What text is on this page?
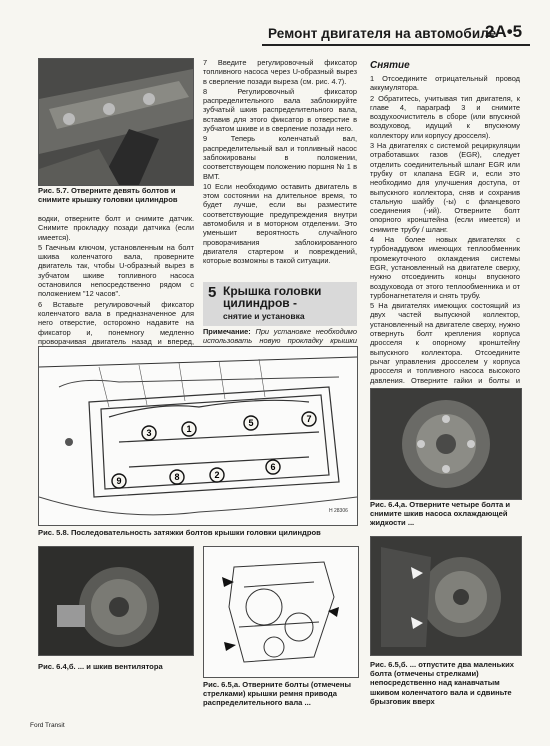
Ремонт двигателя на автомобиле
2A•5
Рис. 5.7. Отверните девять болтов и снимите крышку головки цилиндров

водки, отверните болт и снимите датчик. Снимите прокладку позади датчика (если имеется).

5 Гаечным ключом, установленным на болт шкива коленчатого вала, проверните двигатель так, чтобы U-образный вырез в зубчатом шкиве топливного насоса остановился непосредственно рядом с положением "12 часов".

6 Вставьте регулировочный фиксатор коленчатого вала в предназначенное для него отверстие, осторожно надавите на фиксатор и, понемногу медленно проворачивая двигатель назад и вперед,

7 Введите регулировочный фиксатор топливного насоса через U-образный вырез в сверление позади выреза (см. рис. 4.7).

8 Регулировочный фиксатор распределительного вала заблокируйте зубчатый шкив распределительного вала, вставив для этого фиксатор в отверстие в зубчатом шкиве и в сверление позади него.

9 Теперь коленчатый вал, распределительный вал и топливный насос заблокированы в положении, соответствующем положению поршня № 1 в ВМТ.

10 Если необходимо оставить двигатель в этом состоянии на длительное время, то будет лучше, если вы разместите соответствующие предупреждения внутри автомобиля и в моторном отделении. Это уменьшит вероятность случайного проворачивания заблокированного двигателя стартером и повреждений, которые возможны в такой ситуации.

5 Крышка головки
цилиндров -
снятие и установка
Примечание: При установке необходимо использовать новую прокладку крышки
Снятие

1 Отсоедините отрицательный провод аккумулятора.

2 Обратитесь, учитывая тип двигателя, к главе 4, параграф 3 и снимите воздухоочиститель в сборе (или впускной воздуховод, идущий к впускному коллектору или корпусу дросселя).

3 На двигателях с системой рециркуляции отработавших газов (EGR), следует отделить соединительный шланг EGR или трубку от клапана EGR и, если это необходимо для улучшения доступа, от выпускного коллектора, сняв и сохранив стальную шайбу (-ы) с фланцевого соединения (-ий). Отверните болт опорного кронштейна (если имеется) и снимите трубу / шланг.

4 На более новых двигателях с турбонаддувом имеющих теплообменник промежуточного охлаждения системы EGR, установленный на двигателе сверху, нужно отсоединить концы впускного воздуховода от этого теплообменника и от турбонагнетателя и снять трубу.

5 На двигателях имеющих состоящий из двух частей выпускной коллектор, установленный на двигателе сверху, нужно отвернуть болт крепления корпуса дросселя к опорному кронштейну выпускного коллектора. Отсоедините рычаг управления дросселем у корпуса дросселя и топливного насоса высокого давления. Отверните гайки и болты и

3	1
5	7
9	8	2
6
H 28306
Рис. 5.8. Последовательность затяжки болтов крышки головки цилиндров
Рис. 6.4,а. Отверните четыре болта и снимите шкив насоса охлаждающей жидкости ...
Рис. 6.4,б. ... и шкив вентилятора
Рис. 6.5,а. Отверните болты (отмечены стрелками) крышки ремня привода распределительного вала ...
Рис. 6.5,б. ... отпустите два маленьких болта (отмечены стрелками) непосредственно над канавчатым шкивом коленчатого вала и сдвиньте брызговик вверх
Ford Transit
